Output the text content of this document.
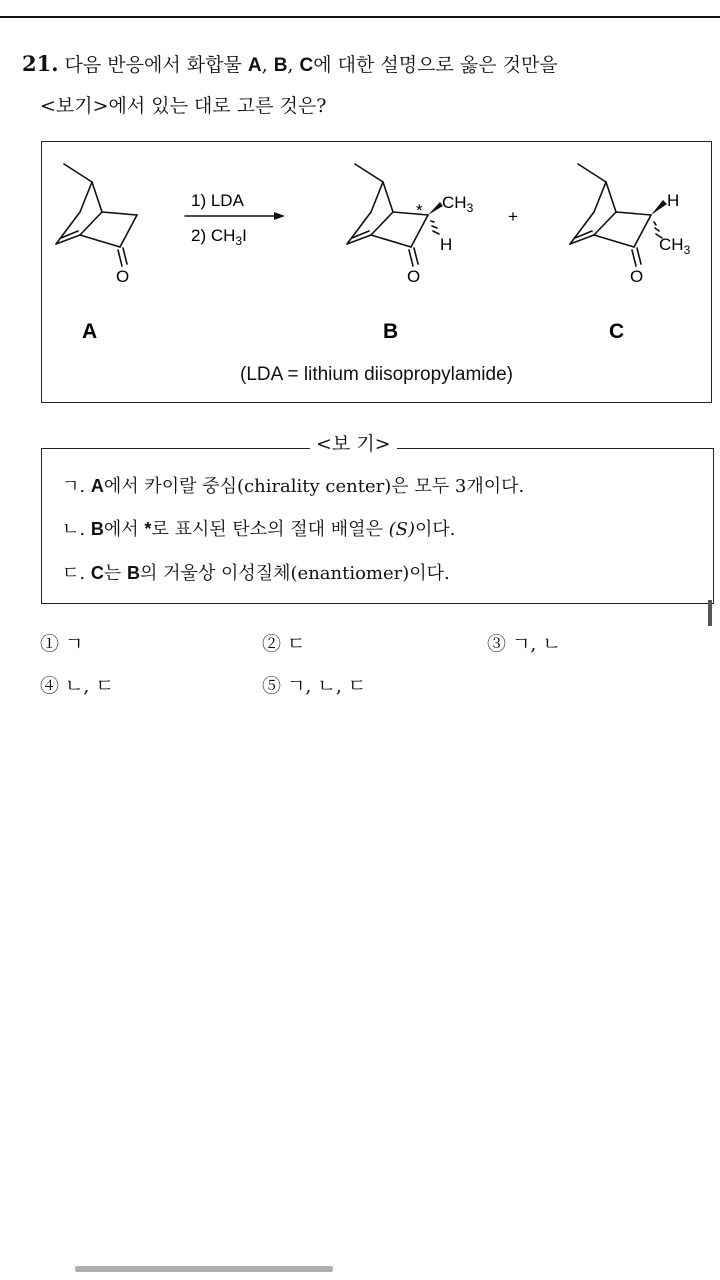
21. 다음 반응에서 화합물 A, B, C에 대한 설명으로 옳은 것만을
<보기>에서 있는 대로 고른 것은?
1) LDA
2) $CH_3I$
O	O	O
* $CH_3$
H
+
H
$CH_3$
A	B	C
(LDA = lithium diisopropylamide)
<보 기>
ㄱ. A에서 카이랄 중심(chirality center)은 모두 3개이다.
ㄴ. B에서 *로 표시된 탄소의 절대 배열은 (S)이다.
ㄷ. C는 B의 거울상 이성질체(enantiomer)이다.
① ㄱ	② ㄷ	③ ㄱ, ㄴ
④ ㄴ, ㄷ	⑤ ㄱ, ㄴ, ㄷ
